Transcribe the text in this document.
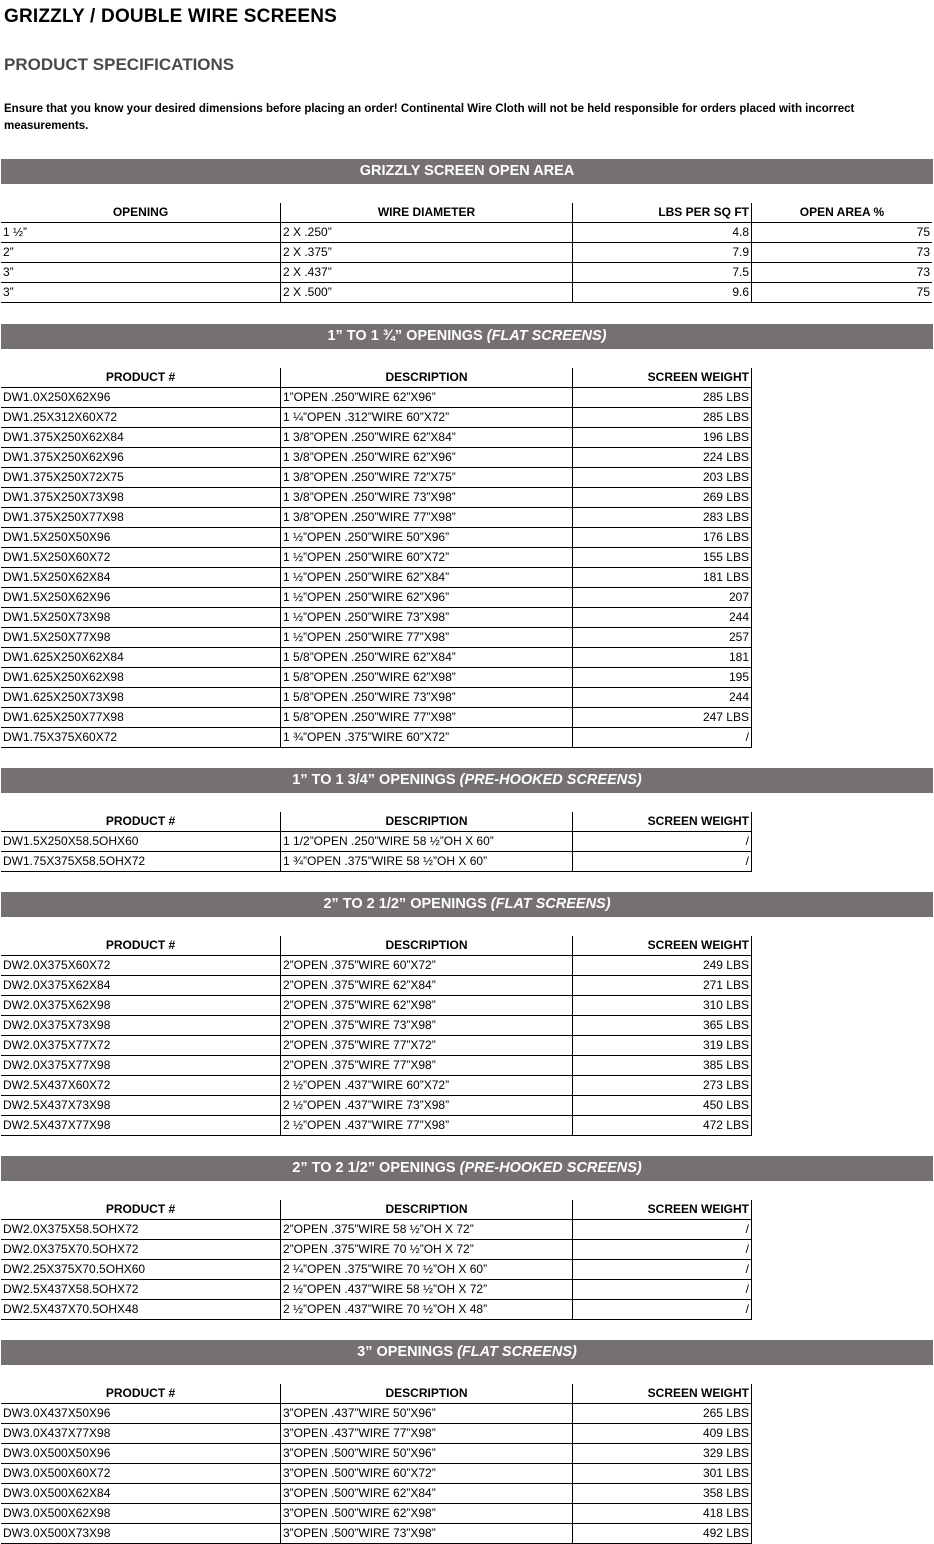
GRIZZLY / DOUBLE WIRE SCREENS
PRODUCT SPECIFICATIONS
Ensure that you know your desired dimensions before placing an order! Continental Wire Cloth will not be held responsible for orders placed with incorrect measurements.
GRIZZLY SCREEN OPEN AREA
OPENING	WIRE DIAMETER	LBS PER SQ FT	OPEN AREA %
1 ½”	2 X .250”	4.8	75
2”	2 X .375”	7.9	73
3”	2 X .437”	7.5	73
3”	2 X .500”	9.6	75
1” TO 1 ¾” OPENINGS (FLAT SCREENS)
PRODUCT #	DESCRIPTION	SCREEN WEIGHT
DW1.0X250X62X96	1”OPEN .250”WIRE 62”X96”	285 LBS
DW1.25X312X60X72	1 ¼”OPEN .312”WIRE 60”X72”	285 LBS
DW1.375X250X62X84	1 3/8”OPEN .250”WIRE 62”X84”	196 LBS
DW1.375X250X62X96	1 3/8”OPEN .250”WIRE 62”X96”	224 LBS
DW1.375X250X72X75	1 3/8”OPEN .250”WIRE 72”X75”	203 LBS
DW1.375X250X73X98	1 3/8”OPEN .250”WIRE 73”X98”	269 LBS
DW1.375X250X77X98	1 3/8”OPEN .250”WIRE 77”X98”	283 LBS
DW1.5X250X50X96	1 ½”OPEN .250”WIRE 50”X96”	176 LBS
DW1.5X250X60X72	1 ½”OPEN .250”WIRE 60”X72”	155 LBS
DW1.5X250X62X84	1 ½”OPEN .250”WIRE 62”X84”	181 LBS
DW1.5X250X62X96	1 ½”OPEN .250”WIRE 62”X96”	207
DW1.5X250X73X98	1 ½”OPEN .250”WIRE 73”X98”	244
DW1.5X250X77X98	1 ½”OPEN .250”WIRE 77”X98”	257
DW1.625X250X62X84	1 5/8”OPEN .250”WIRE 62”X84”	181
DW1.625X250X62X98	1 5/8”OPEN .250”WIRE 62”X98”	195
DW1.625X250X73X98	1 5/8”OPEN .250”WIRE 73”X98”	244
DW1.625X250X77X98	1 5/8”OPEN .250”WIRE 77”X98”	247 LBS
DW1.75X375X60X72	1 ¾”OPEN .375”WIRE 60”X72”	/
1” TO 1 3/4” OPENINGS (PRE-HOOKED SCREENS)
PRODUCT #	DESCRIPTION	SCREEN WEIGHT
DW1.5X250X58.5OHX60	1 1/2”OPEN .250”WIRE 58 ½”OH X 60”	/
DW1.75X375X58.5OHX72	1 ¾”OPEN .375”WIRE 58 ½”OH X 60”	/
2” TO 2 1/2” OPENINGS (FLAT SCREENS)
PRODUCT #	DESCRIPTION	SCREEN WEIGHT
DW2.0X375X60X72	2”OPEN .375”WIRE 60”X72”	249 LBS
DW2.0X375X62X84	2”OPEN .375”WIRE 62”X84”	271 LBS
DW2.0X375X62X98	2”OPEN .375”WIRE 62”X98”	310 LBS
DW2.0X375X73X98	2”OPEN .375”WIRE 73”X98”	365 LBS
DW2.0X375X77X72	2”OPEN .375”WIRE 77”X72”	319 LBS
DW2.0X375X77X98	2”OPEN .375”WIRE 77”X98”	385 LBS
DW2.5X437X60X72	2 ½”OPEN .437”WIRE 60”X72”	273 LBS
DW2.5X437X73X98	2 ½”OPEN .437”WIRE 73”X98”	450 LBS
DW2.5X437X77X98	2 ½”OPEN .437”WIRE 77”X98”	472 LBS
2” TO 2 1/2” OPENINGS (PRE-HOOKED SCREENS)
PRODUCT #	DESCRIPTION	SCREEN WEIGHT
DW2.0X375X58.5OHX72	2”OPEN .375”WIRE 58 ½”OH X 72”	/
DW2.0X375X70.5OHX72	2”OPEN .375”WIRE 70 ½”OH X 72”	/
DW2.25X375X70.5OHX60	2 ¼”OPEN .375”WIRE 70 ½”OH X 60”	/
DW2.5X437X58.5OHX72	2 ½”OPEN .437”WIRE 58 ½”OH X 72”	/
DW2.5X437X70.5OHX48	2 ½”OPEN .437”WIRE 70 ½”OH X 48”	/
3” OPENINGS (FLAT SCREENS)
PRODUCT #	DESCRIPTION	SCREEN WEIGHT
DW3.0X437X50X96	3”OPEN .437”WIRE 50”X96”	265 LBS
DW3.0X437X77X98	3”OPEN .437”WIRE 77”X98”	409 LBS
DW3.0X500X50X96	3”OPEN .500”WIRE 50”X96”	329 LBS
DW3.0X500X60X72	3”OPEN .500”WIRE 60”X72”	301 LBS
DW3.0X500X62X84	3”OPEN .500”WIRE 62”X84”	358 LBS
DW3.0X500X62X98	3”OPEN .500”WIRE 62”X98”	418 LBS
DW3.0X500X73X98	3”OPEN .500”WIRE 73”X98”	492 LBS
